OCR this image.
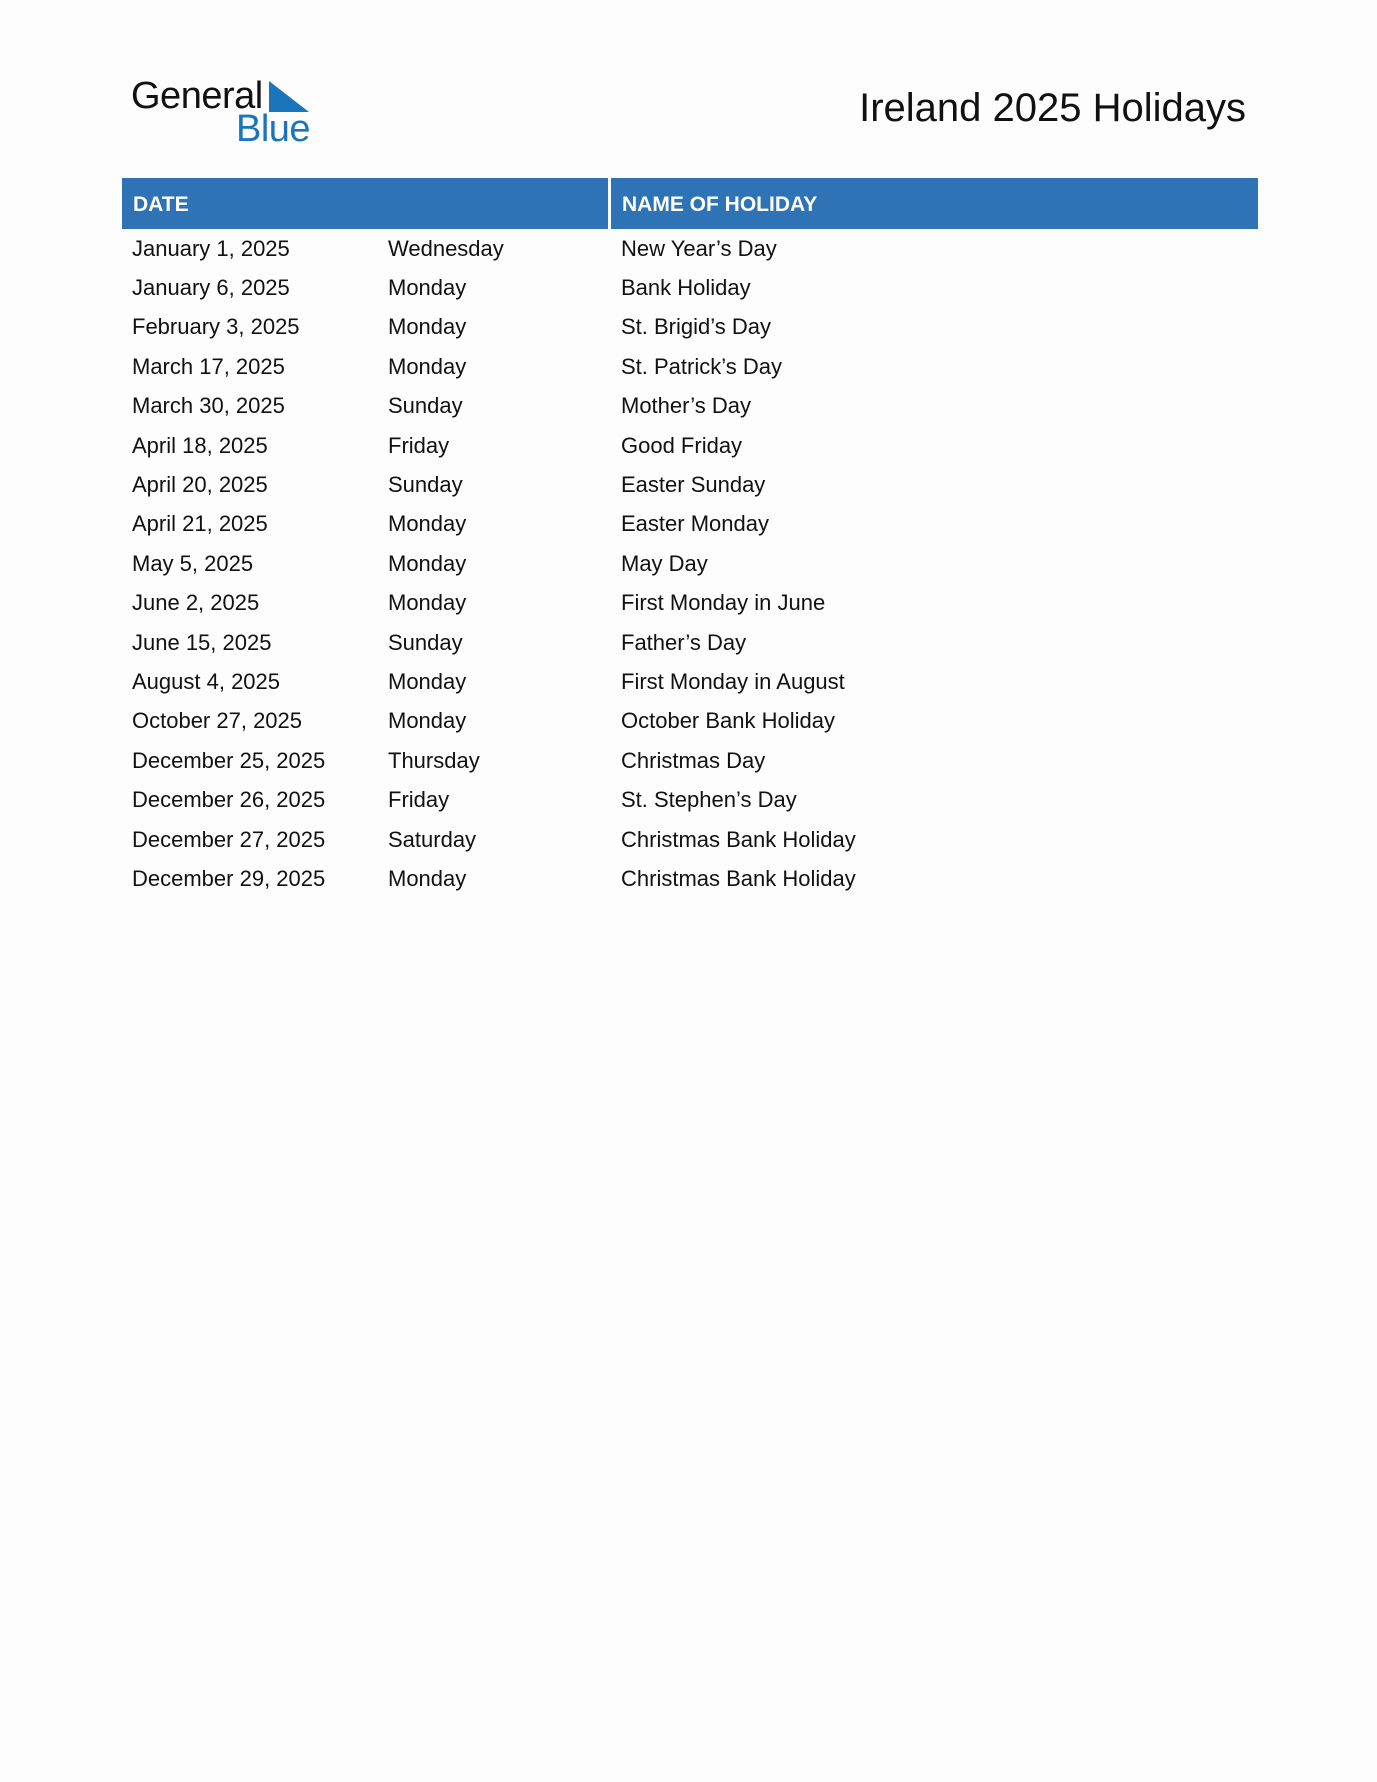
General
Blue	Ireland 2025 Holidays
DATE	NAME OF HOLIDAY
January 1, 2025	Wednesday	New Year’s Day
January 6, 2025	Monday	Bank Holiday
February 3, 2025	Monday	St. Brigid’s Day
March 17, 2025	Monday	St. Patrick’s Day
March 30, 2025	Sunday	Mother’s Day
April 18, 2025	Friday	Good Friday
April 20, 2025	Sunday	Easter Sunday
April 21, 2025	Monday	Easter Monday
May 5, 2025	Monday	May Day
June 2, 2025	Monday	First Monday in June
June 15, 2025	Sunday	Father’s Day
August 4, 2025	Monday	First Monday in August
October 27, 2025	Monday	October Bank Holiday
December 25, 2025	Thursday	Christmas Day
December 26, 2025	Friday	St. Stephen’s Day
December 27, 2025	Saturday	Christmas Bank Holiday
December 29, 2025	Monday	Christmas Bank Holiday
